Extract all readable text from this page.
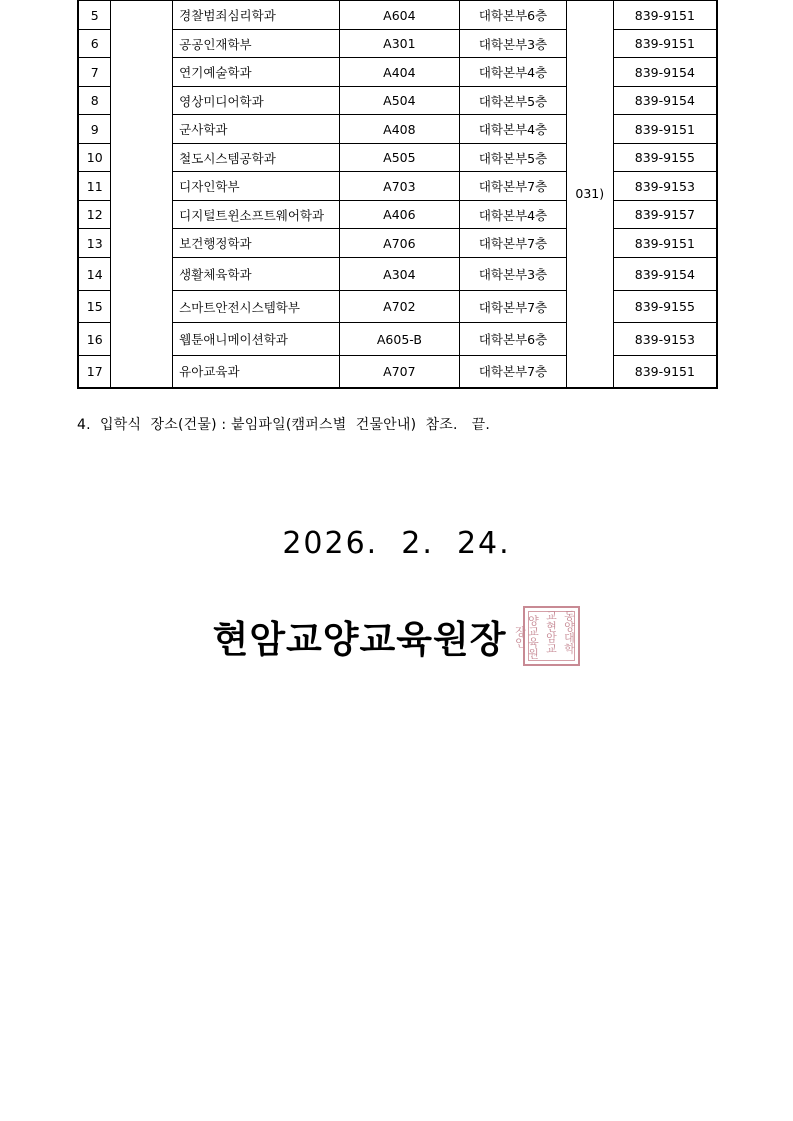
5		경찰범죄심리학과	A604	대학본부6층	031)	839-9151
6		공공인재학부	A301	대학본부3층		839-9151
7		연기예술학과	A404	대학본부4층		839-9154
8		영상미디어학과	A504	대학본부5층		839-9154
9		군사학과	A408	대학본부4층		839-9151
10		철도시스템공학과	A505	대학본부5층		839-9155
11		디자인학부	A703	대학본부7층		839-9153
12		디지털트윈소프트웨어학과	A406	대학본부4층		839-9157
13		보건행정학과	A706	대학본부7층		839-9151
14		생활체육학과	A304	대학본부3층		839-9154
15		스마트안전시스템학부	A702	대학본부7층		839-9155
16		웹툰애니메이션학과	A605-B	대학본부6층		839-9153
17		유아교육과	A707	대학본부7층		839-9151
4.  입학식  장소(건물) : 붙임파일(캠퍼스별  건물안내)  참조.   끝.
2026.  2.  24.
현암교양교육원장	동양대학
교현암교
양교육원장인
